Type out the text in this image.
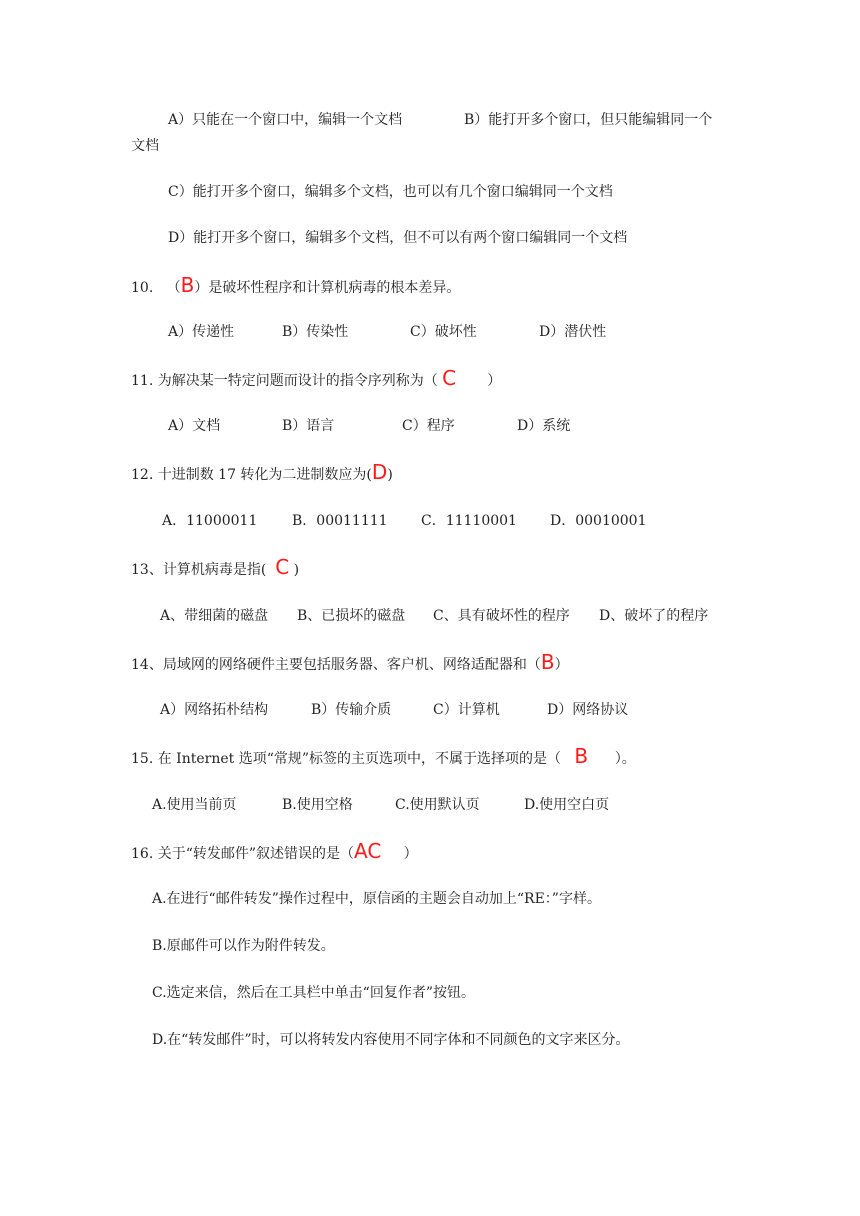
A）只能在一个窗口中，编辑一个文档	B）能打开多个窗口，但只能编辑同一个
文档
C）能打开多个窗口，编辑多个文档，也可以有几个窗口编辑同一个文档
D）能打开多个窗口，编辑多个文档，但不可以有两个窗口编辑同一个文档
10. （B）是破坏性程序和计算机病毒的根本差异。
A）传递性	B）传染性	C）破坏性	D）潜伏性
11. 为解决某一特定问题而设计的指令序列称为（ C ）
A）文档	B）语言	C）程序	D）系统
12. 十进制数 17 转化为二进制数应为(D)
A．11000011 B．00011111 C．11110001 D．00010001
13、计算机病毒是指( C )
A、带细菌的磁盘 B、已损坏的磁盘 C、具有破坏性的程序 D、破坏了的程序
14、局域网的网络硬件主要包括服务器、客户机、网络适配器和（B）
A）网络拓朴结构	B）传输介质	C）计算机	D）网络协议
15. 在 Internet 选项“常规”标签的主页选项中，不属于选择项的是（ B ）。
A.使用当前页	B.使用空格	C.使用默认页	D.使用空白页
16. 关于“转发邮件”叙述错误的是（AC ）
A.在进行“邮件转发”操作过程中，原信函的主题会自动加上“RE：”字样。
B.原邮件可以作为附件转发。
C.选定来信，然后在工具栏中单击“回复作者”按钮。
D.在“转发邮件”时，可以将转发内容使用不同字体和不同颜色的文字来区分。
